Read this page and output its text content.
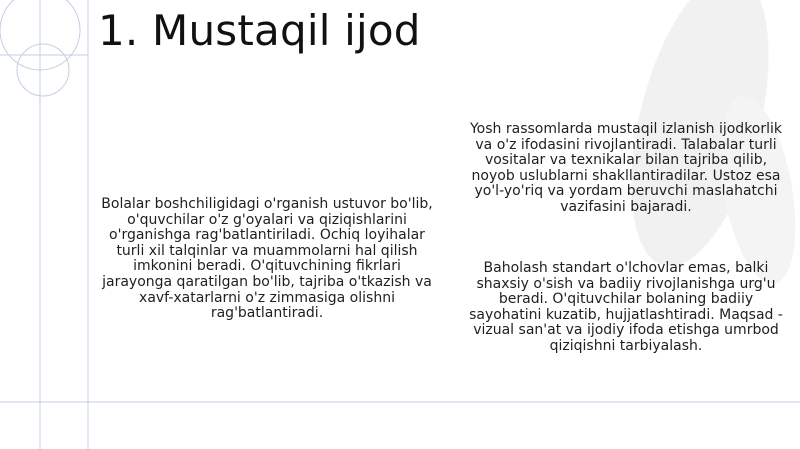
1. Mustaqil ijod

Bolalar boshchiligidagi o'rganish ustuvor bo'lib, o'quvchilar o'z g'oyalari va qiziqishlarini o'rganishga rag'batlantiriladi. Ochiq loyihalar turli xil talqinlar va muammolarni hal qilish imkonini beradi. O'qituvchining fikrlari jarayonga qaratilgan bo'lib, tajriba o'tkazish va xavf-xatarlarni o'z zimmasiga olishni rag'batlantiradi.

Yosh rassomlarda mustaqil izlanish ijodkorlik va o'z ifodasini rivojlantiradi. Talabalar turli vositalar va texnikalar bilan tajriba qilib, noyob uslublarni shakllantiradilar. Ustoz esa yo'l-yo'riq va yordam beruvchi maslahatchi vazifasini bajaradi.

Baholash standart o'lchovlar emas, balki shaxsiy o'sish va badiiy rivojlanishga urg'u beradi. O'qituvchilar bolaning badiiy sayohatini kuzatib, hujjatlashtiradi. Maqsad - vizual san'at va ijodiy ifoda etishga umrbod qiziqishni tarbiyalash.
